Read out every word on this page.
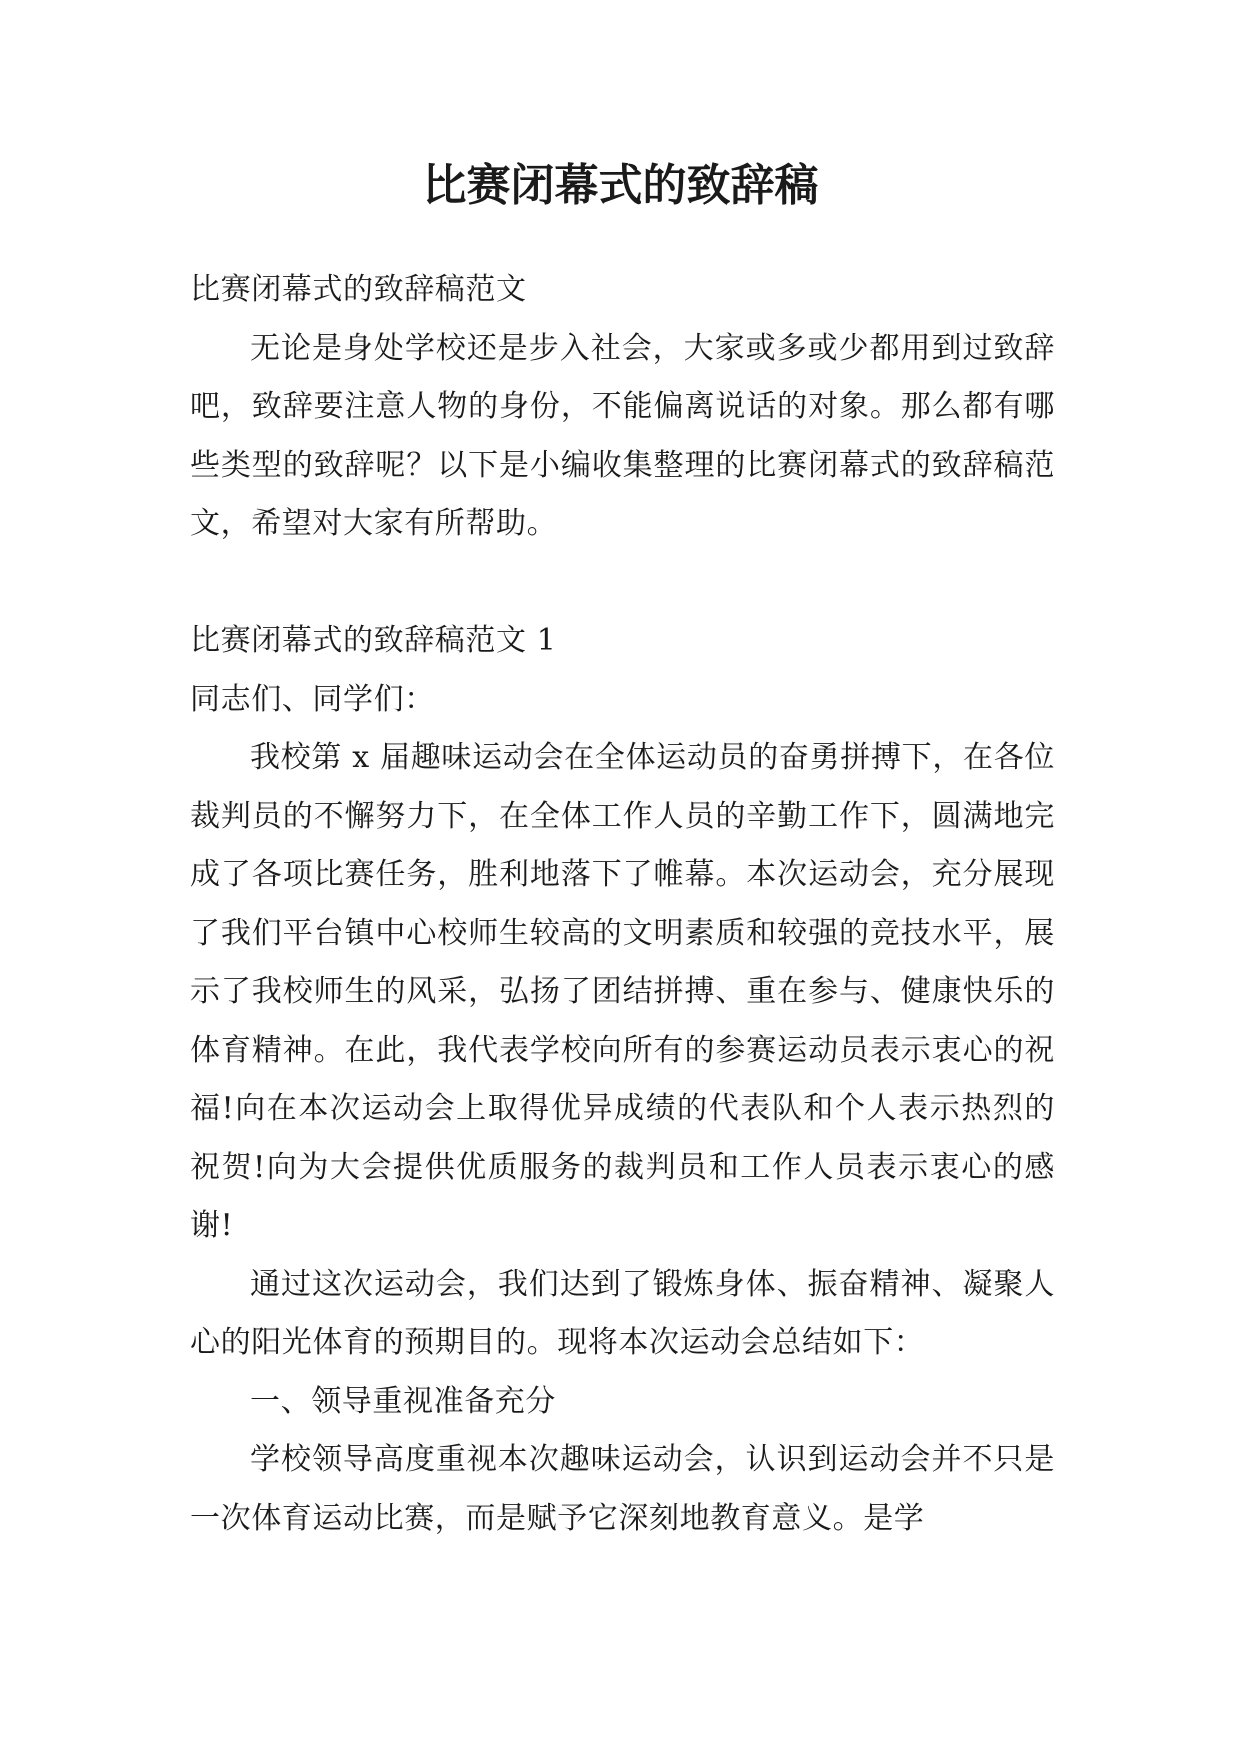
比赛闭幕式的致辞稿

比赛闭幕式的致辞稿范文

无论是身处学校还是步入社会，大家或多或少都用到过致辞吧，致辞要注意人物的身份，不能偏离说话的对象。那么都有哪些类型的致辞呢？以下是小编收集整理的比赛闭幕式的致辞稿范文，希望对大家有所帮助。

比赛闭幕式的致辞稿范文 1

同志们、同学们：

我校第 x 届趣味运动会在全体运动员的奋勇拼搏下，在各位裁判员的不懈努力下，在全体工作人员的辛勤工作下，圆满地完成了各项比赛任务，胜利地落下了帷幕。本次运动会，充分展现了我们平台镇中心校师生较高的文明素质和较强的竞技水平，展示了我校师生的风采，弘扬了团结拼搏、重在参与、健康快乐的体育精神。在此，我代表学校向所有的参赛运动员表示衷心的祝福!向在本次运动会上取得优异成绩的代表队和个人表示热烈的祝贺!向为大会提供优质服务的裁判员和工作人员表示衷心的感谢!

通过这次运动会，我们达到了锻炼身体、振奋精神、凝聚人心的阳光体育的预期目的。现将本次运动会总结如下：

一、领导重视准备充分

学校领导高度重视本次趣味运动会，认识到运动会并不只是一次体育运动比赛，而是赋予它深刻地教育意义。是学
